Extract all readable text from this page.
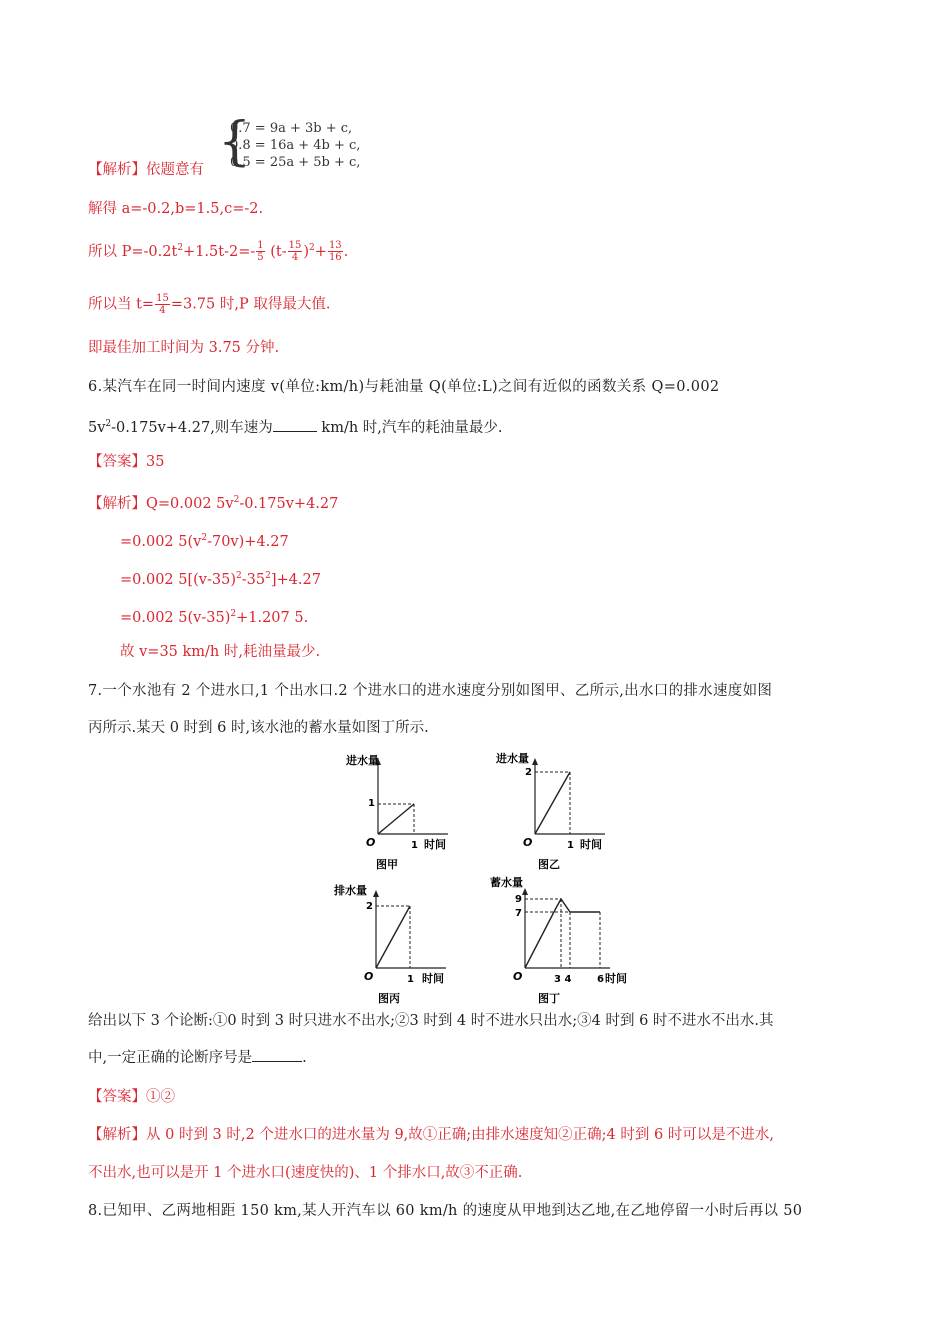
{
0.7 = 9a + 3b + c,
0.8 = 16a + 4b + c,
0.5 = 25a + 5b + c,
【解析】依题意有
解得 a=-0.2,b=1.5,c=-2.
所以 $P=-0.2t^2+1.5t-2=- \frac{1}{5} (t- \frac{15}{4} )^2+ \frac{13}{16}$ .
所以当 $t= \frac{15}{4} =3.75$ 时,P 取得最大值.
即最佳加工时间为 3.75 分钟.
6.某汽车在同一时间内速度 v(单位:km/h)与耗油量 Q(单位:L)之间有近似的函数关系 Q=0.002
$5v^2-0.175v+4.27$,则车速为	km/h 时,汽车的耗油量最少.
【答案】35
【解析】Q=0.002 $5v^2-0.175v+4.27$
=0.002 $5(v^2-70v)+4.27$
=0.002 $5[(v-35)^2-35^2]+4.27$
=0.002 $5(v-35)^2+1.207$ 5.
故 v=35 km/h 时,耗油量最少.
7.一个水池有 2 个进水口,1 个出水口.2 个进水口的进水速度分别如图甲、乙所示,出水口的排水速度如图
丙所示.某天 0 时到 6 时,该水池的蓄水量如图丁所示.
进水量
1
O	1 时间
图甲
进水量
2
O	1 时间
图乙
排水量
2
O	1 时间
图丙
蓄水量
9
7
O	3 4	6 时间
图丁
给出以下 3 个论断:①0 时到 3 时只进水不出水;②3 时到 4 时不进水只出水;③4 时到 6 时不进水不出水.其
中,一定正确的论断序号是	.
【答案】①②
【解析】从 0 时到 3 时,2 个进水口的进水量为 9,故①正确;由排水速度知②正确;4 时到 6 时可以是不进水,
不出水,也可以是开 1 个进水口(速度快的)、1 个排水口,故③不正确.
8.已知甲、乙两地相距 150 km,某人开汽车以 60 km/h 的速度从甲地到达乙地,在乙地停留一小时后再以 50
